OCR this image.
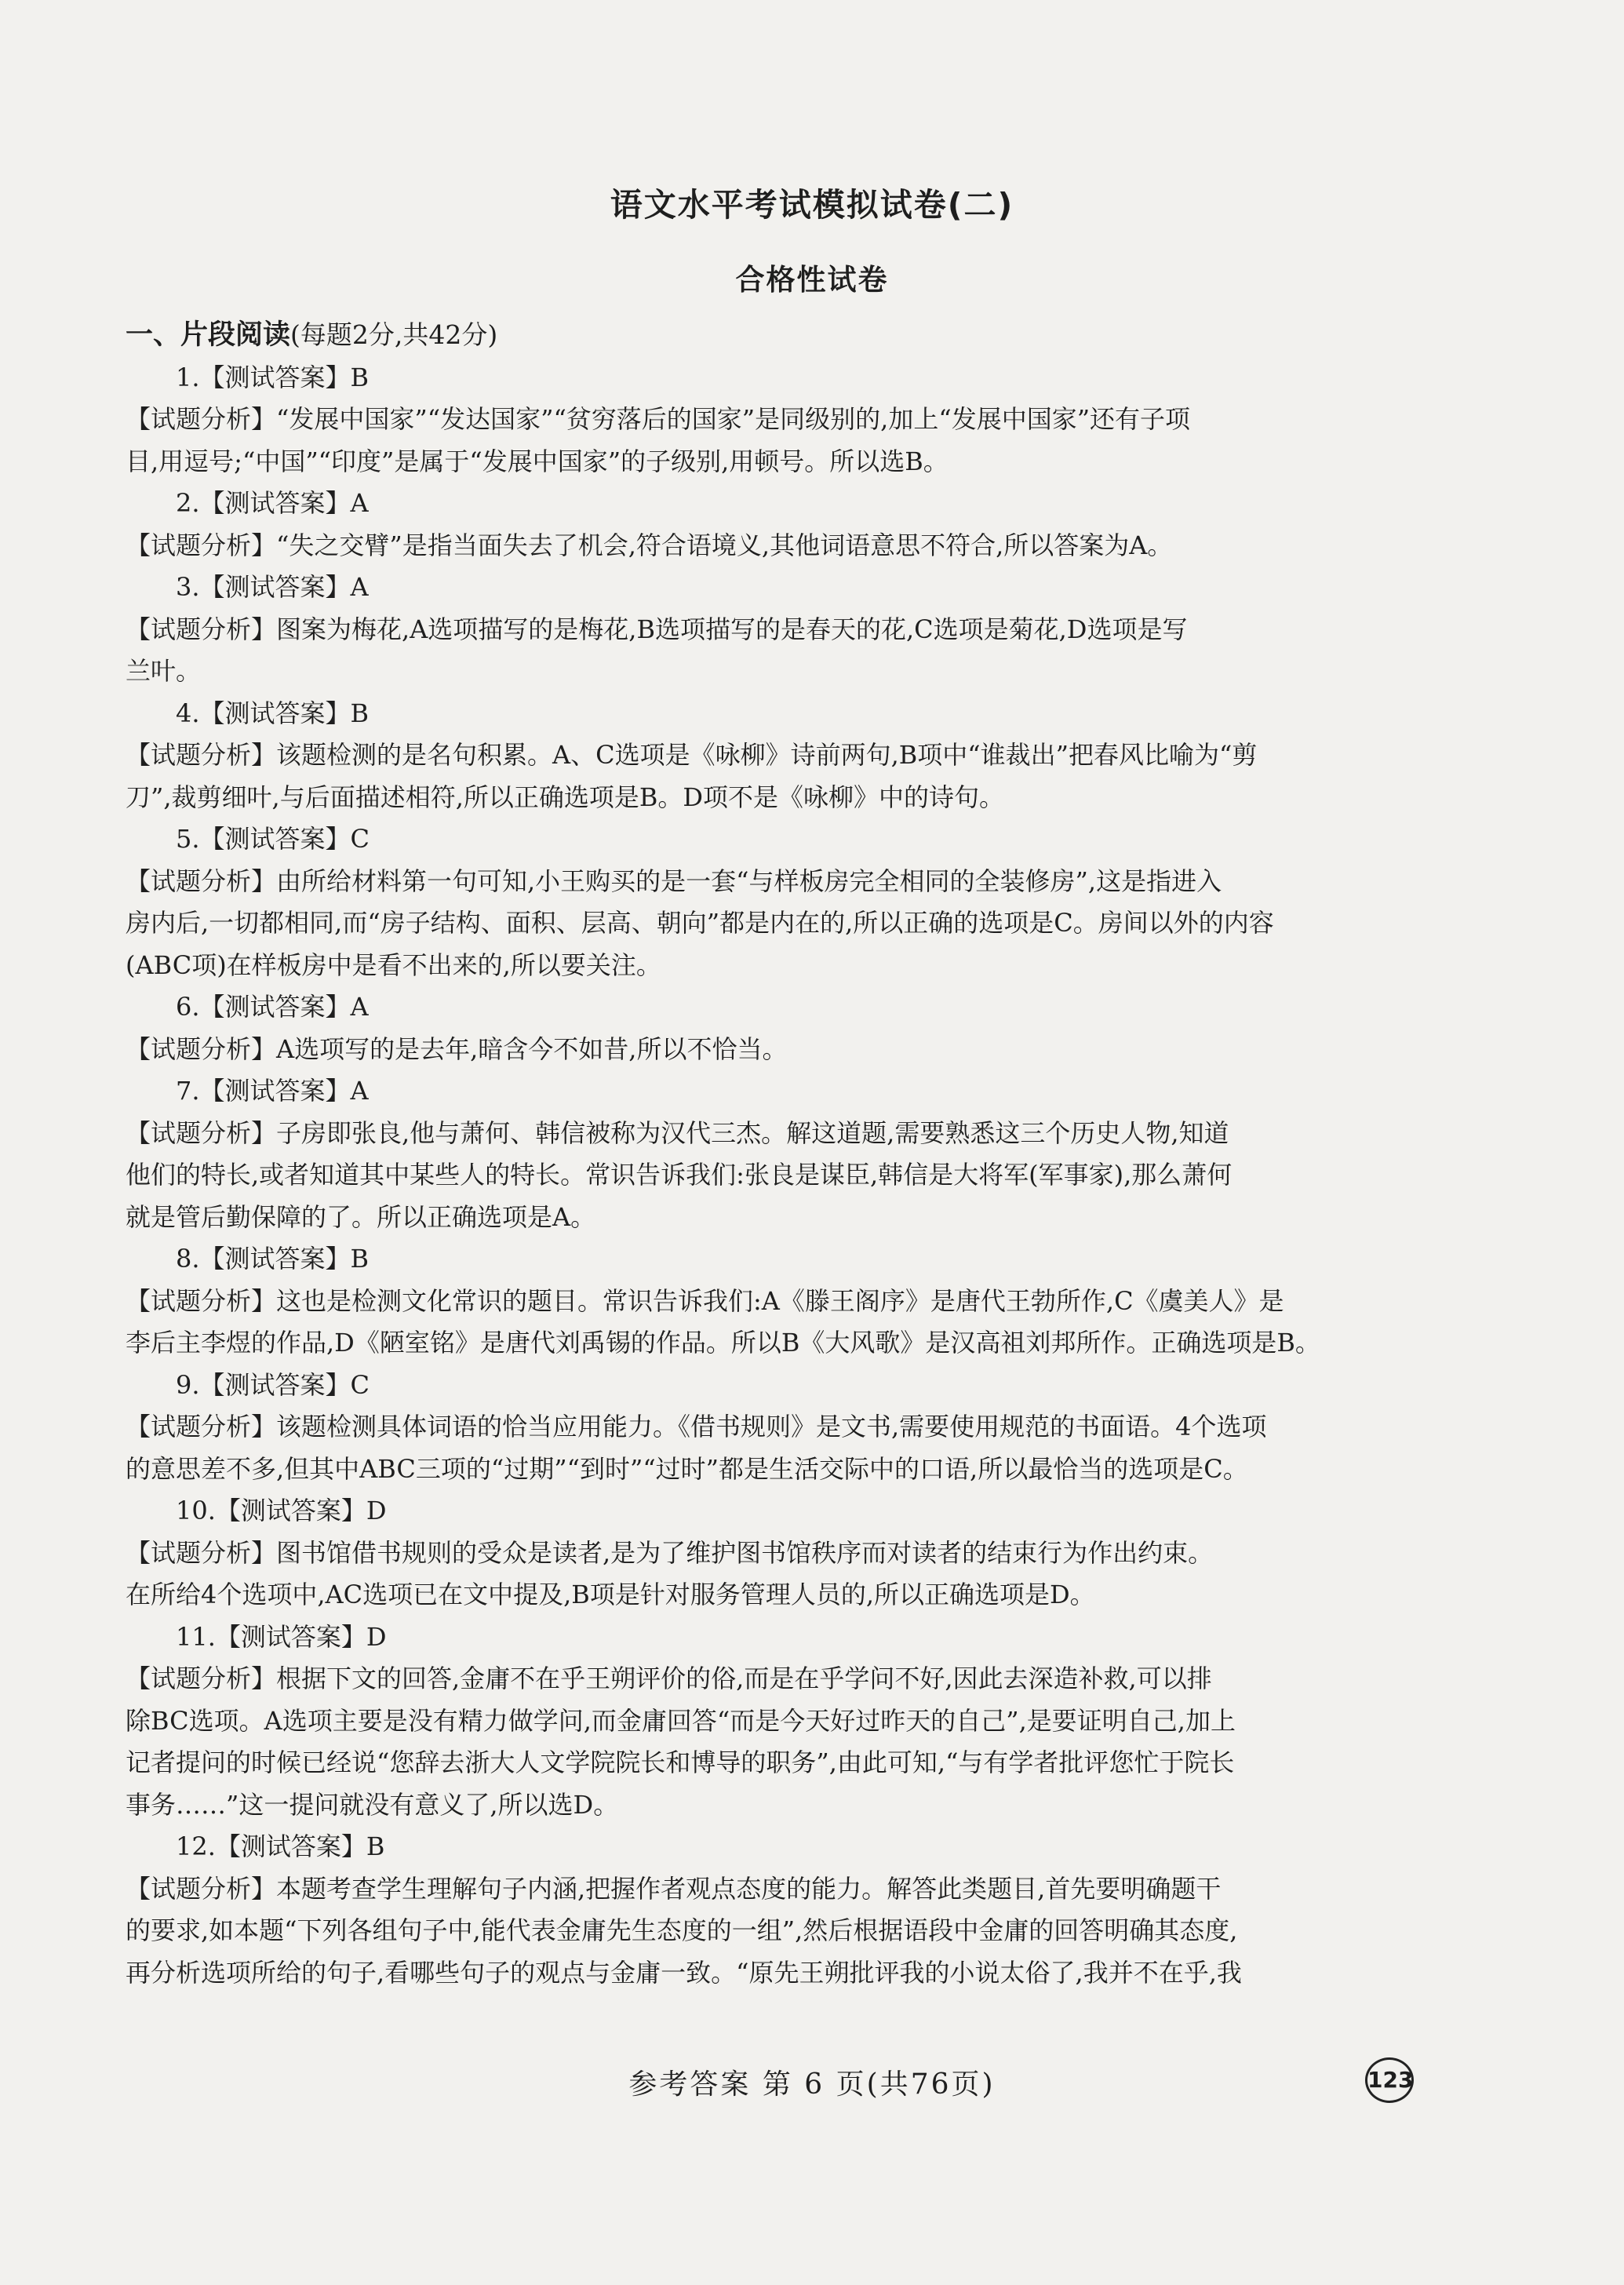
语文水平考试模拟试卷(二)
合格性试卷
一、片段阅读(每题2分,共42分)
1.【测试答案】B
【试题分析】“发展中国家”“发达国家”“贫穷落后的国家”是同级别的,加上“发展中国家”还有子项
目,用逗号;“中国”“印度”是属于“发展中国家”的子级别,用顿号。所以选B。
2.【测试答案】A
【试题分析】“失之交臂”是指当面失去了机会,符合语境义,其他词语意思不符合,所以答案为A。
3.【测试答案】A
【试题分析】图案为梅花,A选项描写的是梅花,B选项描写的是春天的花,C选项是菊花,D选项是写
兰叶。
4.【测试答案】B
【试题分析】该题检测的是名句积累。A、C选项是《咏柳》诗前两句,B项中“谁裁出”把春风比喻为“剪
刀”,裁剪细叶,与后面描述相符,所以正确选项是B。D项不是《咏柳》中的诗句。
5.【测试答案】C
【试题分析】由所给材料第一句可知,小王购买的是一套“与样板房完全相同的全装修房”,这是指进入
房内后,一切都相同,而“房子结构、面积、层高、朝向”都是内在的,所以正确的选项是C。房间以外的内容
(ABC项)在样板房中是看不出来的,所以要关注。
6.【测试答案】A
【试题分析】A选项写的是去年,暗含今不如昔,所以不恰当。
7.【测试答案】A
【试题分析】子房即张良,他与萧何、韩信被称为汉代三杰。解这道题,需要熟悉这三个历史人物,知道
他们的特长,或者知道其中某些人的特长。常识告诉我们:张良是谋臣,韩信是大将军(军事家),那么萧何
就是管后勤保障的了。所以正确选项是A。
8.【测试答案】B
【试题分析】这也是检测文化常识的题目。常识告诉我们:A《滕王阁序》是唐代王勃所作,C《虞美人》是
李后主李煜的作品,D《陋室铭》是唐代刘禹锡的作品。所以B《大风歌》是汉高祖刘邦所作。正确选项是B。
9.【测试答案】C
【试题分析】该题检测具体词语的恰当应用能力。《借书规则》是文书,需要使用规范的书面语。4个选项
的意思差不多,但其中ABC三项的“过期”“到时”“过时”都是生活交际中的口语,所以最恰当的选项是C。
10.【测试答案】D
【试题分析】图书馆借书规则的受众是读者,是为了维护图书馆秩序而对读者的结束行为作出约束。
在所给4个选项中,AC选项已在文中提及,B项是针对服务管理人员的,所以正确选项是D。
11.【测试答案】D
【试题分析】根据下文的回答,金庸不在乎王朔评价的俗,而是在乎学问不好,因此去深造补救,可以排
除BC选项。A选项主要是没有精力做学问,而金庸回答“而是今天好过昨天的自己”,是要证明自己,加上
记者提问的时候已经说“您辞去浙大人文学院院长和博导的职务”,由此可知,“与有学者批评您忙于院长
事务……”这一提问就没有意义了,所以选D。
12.【测试答案】B
【试题分析】本题考查学生理解句子内涵,把握作者观点态度的能力。解答此类题目,首先要明确题干
的要求,如本题“下列各组句子中,能代表金庸先生态度的一组”,然后根据语段中金庸的回答明确其态度,
再分析选项所给的句子,看哪些句子的观点与金庸一致。“原先王朔批评我的小说太俗了,我并不在乎,我
参考答案 第 6 页(共76页)	123
